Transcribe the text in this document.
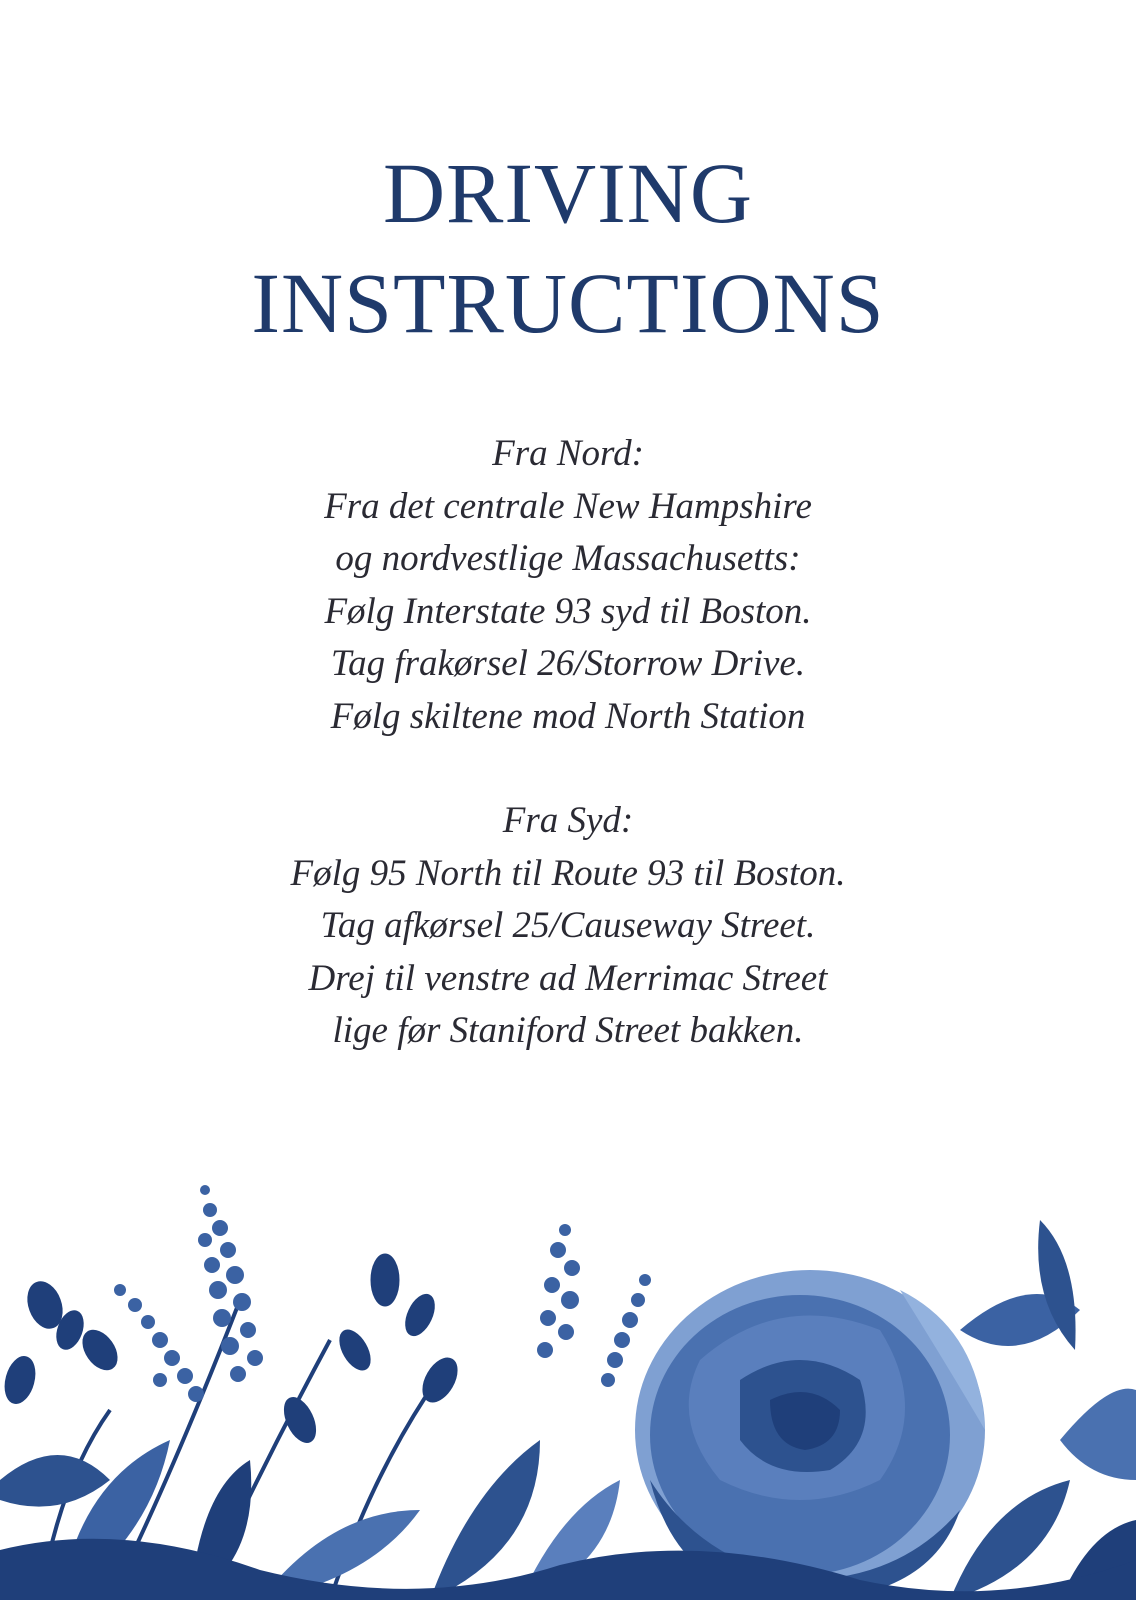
DRIVING
INSTRUCTIONS
Fra Nord:
Fra det centrale New Hampshire
og nordvestlige Massachusetts:
Følg Interstate 93 syd til Boston.
Tag frakørsel 26/Storrow Drive.
Følg skiltene mod North Station
Fra Syd:
Følg 95 North til Route 93 til Boston.
Tag afkørsel 25/Causeway Street.
Drej til venstre ad Merrimac Street
lige før Staniford Street bakken.
